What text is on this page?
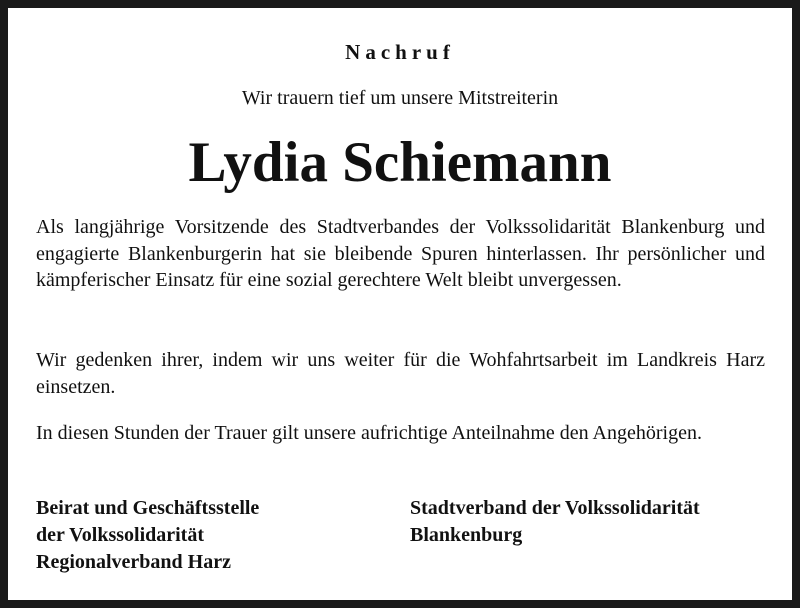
Nachruf
Wir trauern tief um unsere Mitstreiterin
Lydia Schiemann

Als langjährige Vorsitzende des Stadtverbandes der Volkssolidarität Blankenburg und engagierte Blankenburgerin hat sie bleibende Spuren hinterlassen. Ihr persönlicher und kämpferischer Einsatz für eine sozial gerechtere Welt bleibt unvergessen.

Wir gedenken ihrer, indem wir uns weiter für die Wohfahrtsarbeit im Landkreis Harz einsetzen.

In diesen Stunden der Trauer gilt unsere aufrichtige Anteilnahme den Angehörigen.

Beirat und Geschäftsstelle
der Volkssolidarität
Regionalverband Harz
Stadtverband der Volkssolidarität
Blankenburg
